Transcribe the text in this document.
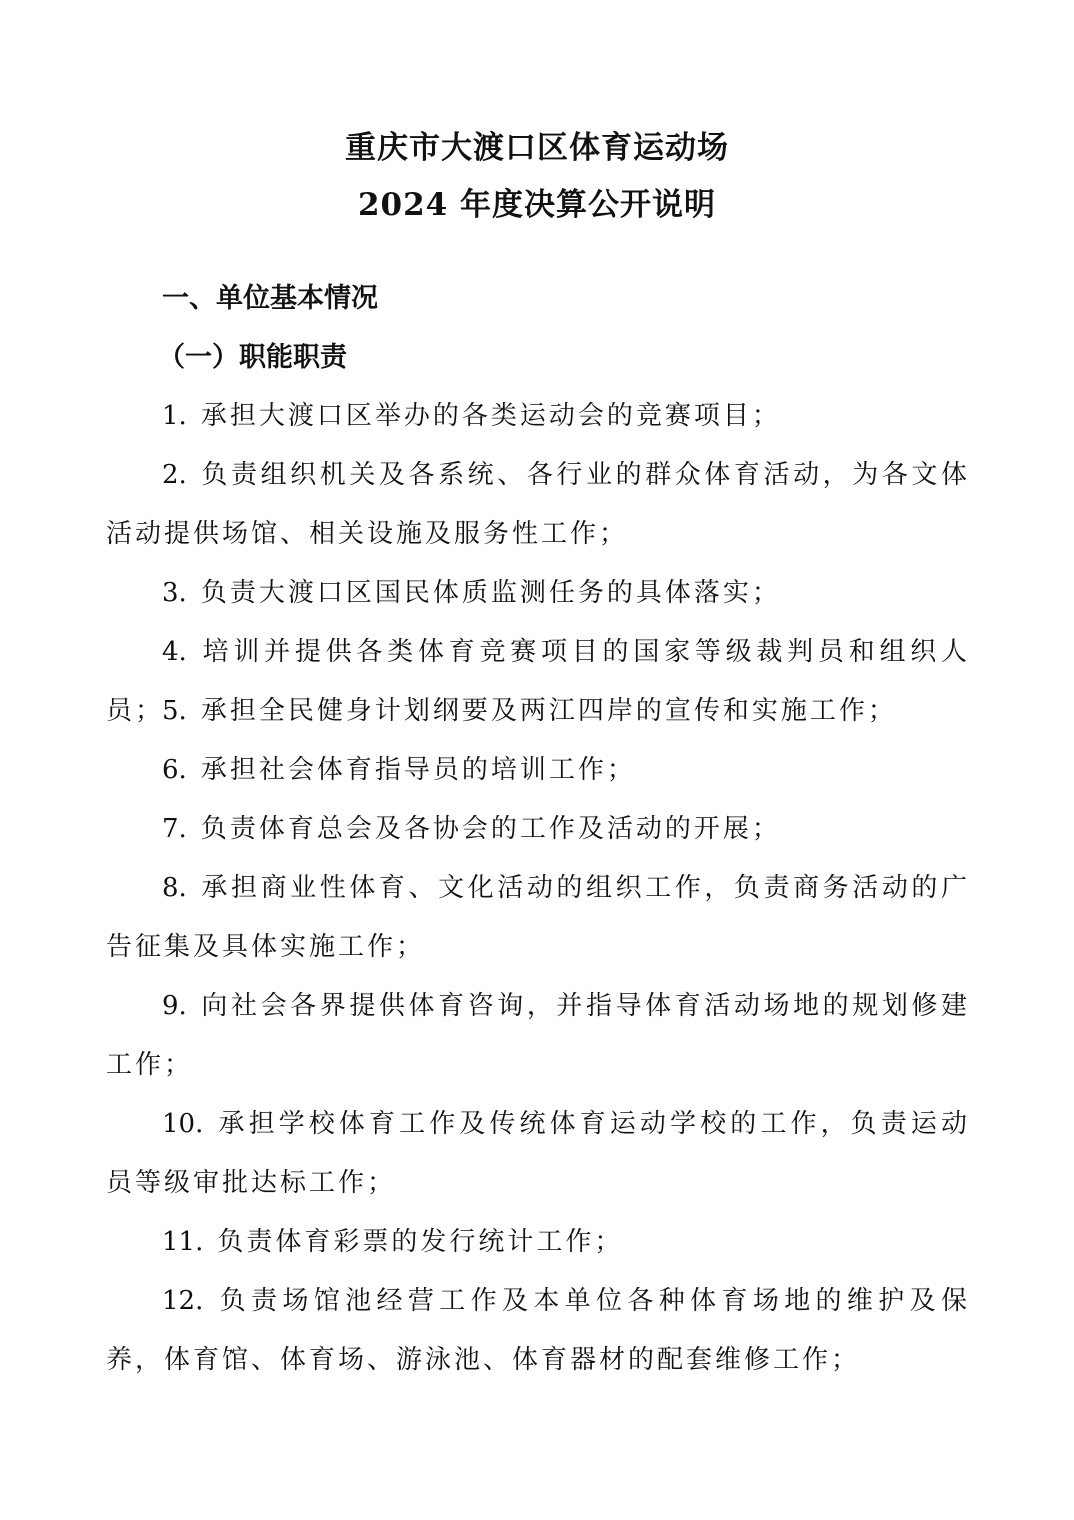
重庆市大渡口区体育运动场
2024 年度决算公开说明
一、单位基本情况
（一）职能职责
1. 承担大渡口区举办的各类运动会的竞赛项目；
2. 负责组织机关及各系统、各行业的群众体育活动，为各文体活动提供场馆、相关设施及服务性工作；
3. 负责大渡口区国民体质监测任务的具体落实；
4. 培训并提供各类体育竞赛项目的国家等级裁判员和组织人员；
5. 承担全民健身计划纲要及两江四岸的宣传和实施工作；
6. 承担社会体育指导员的培训工作；
7. 负责体育总会及各协会的工作及活动的开展；
8. 承担商业性体育、文化活动的组织工作，负责商务活动的广告征集及具体实施工作；
9. 向社会各界提供体育咨询，并指导体育活动场地的规划修建工作；
10. 承担学校体育工作及传统体育运动学校的工作，负责运动员等级审批达标工作；
11. 负责体育彩票的发行统计工作；
12. 负责场馆池经营工作及本单位各种体育场地的维护及保养，体育馆、体育场、游泳池、体育器材的配套维修工作；
